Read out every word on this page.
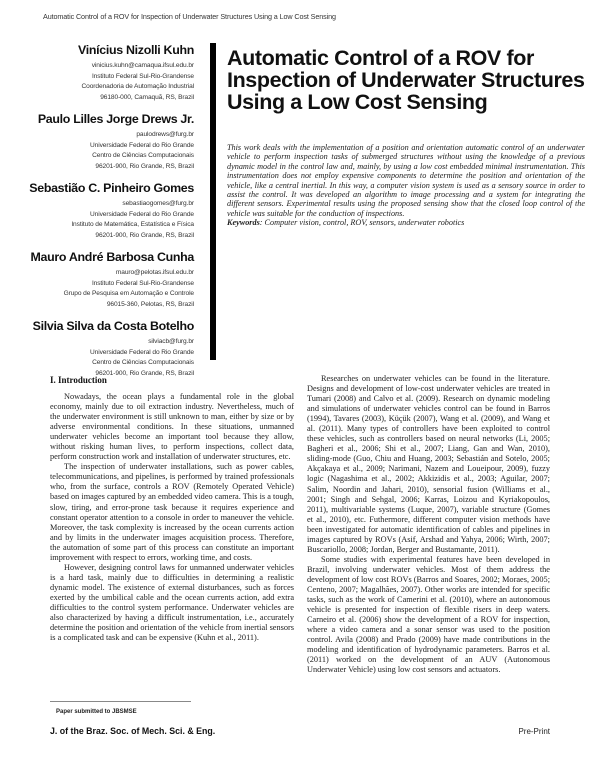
Automatic Control of a ROV for Inspection of Underwater Structures Using a Low Cost Sensing
Vinícius Nizolli Kuhn
vinicius.kuhn@camaqua.ifsul.edu.br
Instituto Federal Sul-Rio-Grandense
Coordenadoria de Automação Industrial
96180-000, Camaquã, RS, Brazil
Paulo Lilles Jorge Drews Jr.
paulodrews@furg.br
Universidade Federal do Rio Grande
Centro de Ciências Computacionais
96201-900, Rio Grande, RS, Brazil
Sebastião C. Pinheiro Gomes
sebastiaogomes@furg.br
Universidade Federal do Rio Grande
Instituto de Matemática, Estatística e Física
96201-900, Rio Grande, RS, Brazil
Mauro André Barbosa Cunha
mauro@pelotas.ifsul.edu.br
Instituto Federal Sul-Rio-Grandense
Grupo de Pesquisa em Automação e Controle
96015-360, Pelotas, RS, Brazil
Silvia Silva da Costa Botelho
silviacb@furg.br
Universidade Federal do Rio Grande
Centro de Ciências Computacionais
96201-900, Rio Grande, RS, Brazil
Automatic Control of a ROV for Inspection of Underwater Structures Using a Low Cost Sensing
This work deals with the implementation of a position and orientation automatic control of an underwater vehicle to perform inspection tasks of submerged structures without using the knowledge of a previous dynamic model in the control law and, mainly, by using a low cost embedded minimal instrumentation. This instrumentation does not employ expensive components to determine the position and orientation of the vehicle, like a central inertial. In this way, a computer vision system is used as a sensory source in order to assist the control. It was developed an algorithm to image processing and a system for integrating the different sensors. Experimental results using the proposed sensing show that the closed loop control of the vehicle was suitable for the conduction of inspections.
Keywords: Computer vision, control, ROV, sensors, underwater robotics
I. Introduction

Nowadays, the ocean plays a fundamental role in the global economy, mainly due to oil extraction industry. Nevertheless, much of the underwater environment is still unknown to man, either by size or by adverse environmental conditions. In these situations, unmanned underwater vehicles become an important tool because they allow, without risking human lives, to perform inspections, collect data, perform construction work and installation of underwater structures, etc.

The inspection of underwater installations, such as power cables, telecommunications, and pipelines, is performed by trained professionals who, from the surface, controls a ROV (Remotely Operated Vehicle) based on images captured by an embedded video camera. This is a tough, slow, tiring, and error-prone task because it requires experience and constant operator attention to a console in order to maneuver the vehicle. Moreover, the task complexity is increased by the ocean currents action and by limits in the underwater images acquisition process. Therefore, the automation of some part of this process can constitute an important improvement with respect to errors, working time, and costs.

However, designing control laws for unmanned underwater vehicles is a hard task, mainly due to difficulties in determining a realistic dynamic model. The existence of external disturbances, such as forces exerted by the umbilical cable and the ocean currents action, add extra difficulties to the control system performance. Underwater vehicles are also characterized by having a difficult instrumentation, i.e., accurately determine the position and orientation of the vehicle from inertial sensors is a complicated task and can be expensive (Kuhn et al., 2011).

Researches on underwater vehicles can be found in the literature. Designs and development of low-cost underwater vehicles are treated in Tumari (2008) and Calvo et al. (2009). Research on dynamic modeling and simulations of underwater vehicles control can be found in Barros (1994), Tavares (2003), Küçük (2007), Wang et al. (2009), and Wang et al. (2011). Many types of controllers have been exploited to control these vehicles, such as controllers based on neural networks (Li, 2005; Bagheri et al., 2006; Shi et al., 2007; Liang, Gan and Wan, 2010), sliding-mode (Guo, Chiu and Huang, 2003; Sebastián and Sotelo, 2005; Akçakaya et al., 2009; Narimani, Nazem and Loueipour, 2009), fuzzy logic (Nagashima et al., 2002; Akkizidis et al., 2003; Aguilar, 2007; Salim, Noordin and Jahari, 2010), sensorial fusion (Williams et al., 2001; Singh and Sehgal, 2006; Karras, Loizou and Kyriakopoulos, 2011), multivariable systems (Luque, 2007), variable structure (Gomes et al., 2010), etc. Futhermore, different computer vision methods have been investigated for automatic identification of cables and pipelines in images captured by ROVs (Asif, Arshad and Yahya, 2006; Wirth, 2007; Buscariollo, 2008; Jordan, Berger and Bustamante, 2011).

Some studies with experimental features have been developed in Brazil, involving underwater vehicles. Most of them address the development of low cost ROVs (Barros and Soares, 2002; Moraes, 2005; Centeno, 2007; Magalhães, 2007). Other works are intended for specific tasks, such as the work of Camerini et al. (2010), where an autonomous vehicle is presented for inspection of flexible risers in deep waters. Carneiro et al. (2006) show the development of a ROV for inspection, where a video camera and a sonar sensor was used to the position control. Avila (2008) and Prado (2009) have made contributions in the modeling and identification of hydrodynamic parameters. Barros et al. (2011) worked on the development of an AUV (Autonomous Underwater Vehicle) using low cost sensors and actuators.

Paper submitted to JBSMSE
J. of the Braz. Soc. of Mech. Sci. & Eng.	Pre-Print
